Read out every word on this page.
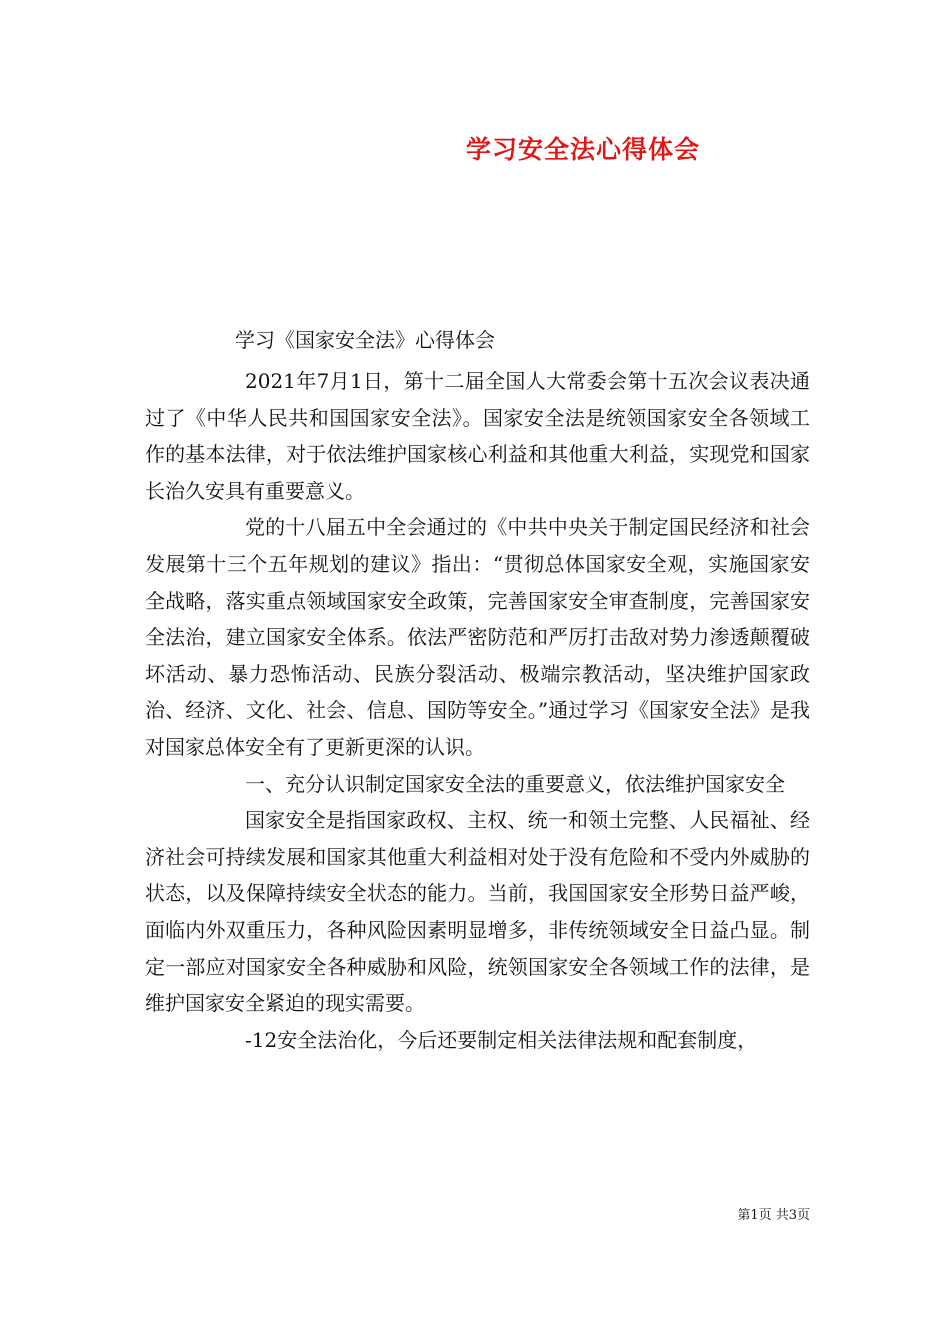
学习安全法心得体会
学习《国家安全法》心得体会

2021年7月1日，第十二届全国人大常委会第十五次会议表决通过了《中华人民共和国国家安全法》。国家安全法是统领国家安全各领域工作的基本法律，对于依法维护国家核心利益和其他重大利益，实现党和国家长治久安具有重要意义。

党的十八届五中全会通过的《中共中央关于制定国民经济和社会发展第十三个五年规划的建议》指出：“贯彻总体国家安全观，实施国家安全战略，落实重点领域国家安全政策，完善国家安全审查制度，完善国家安全法治，建立国家安全体系。依法严密防范和严厉打击敌对势力渗透颠覆破坏活动、暴力恐怖活动、民族分裂活动、极端宗教活动，坚决维护国家政治、经济、文化、社会、信息、国防等安全。”通过学习《国家安全法》是我对国家总体安全有了更新更深的认识。

一、充分认识制定国家安全法的重要意义，依法维护国家安全

国家安全是指国家政权、主权、统一和领土完整、人民福祉、经济社会可持续发展和国家其他重大利益相对处于没有危险和不受内外威胁的状态，以及保障持续安全状态的能力。当前，我国国家安全形势日益严峻，面临内外双重压力，各种风险因素明显增多，非传统领域安全日益凸显。制定一部应对国家安全各种威胁和风险，统领国家安全各领域工作的法律，是维护国家安全紧迫的现实需要。

-12安全法治化，今后还要制定相关法律法规和配套制度，

第1页 共3页
